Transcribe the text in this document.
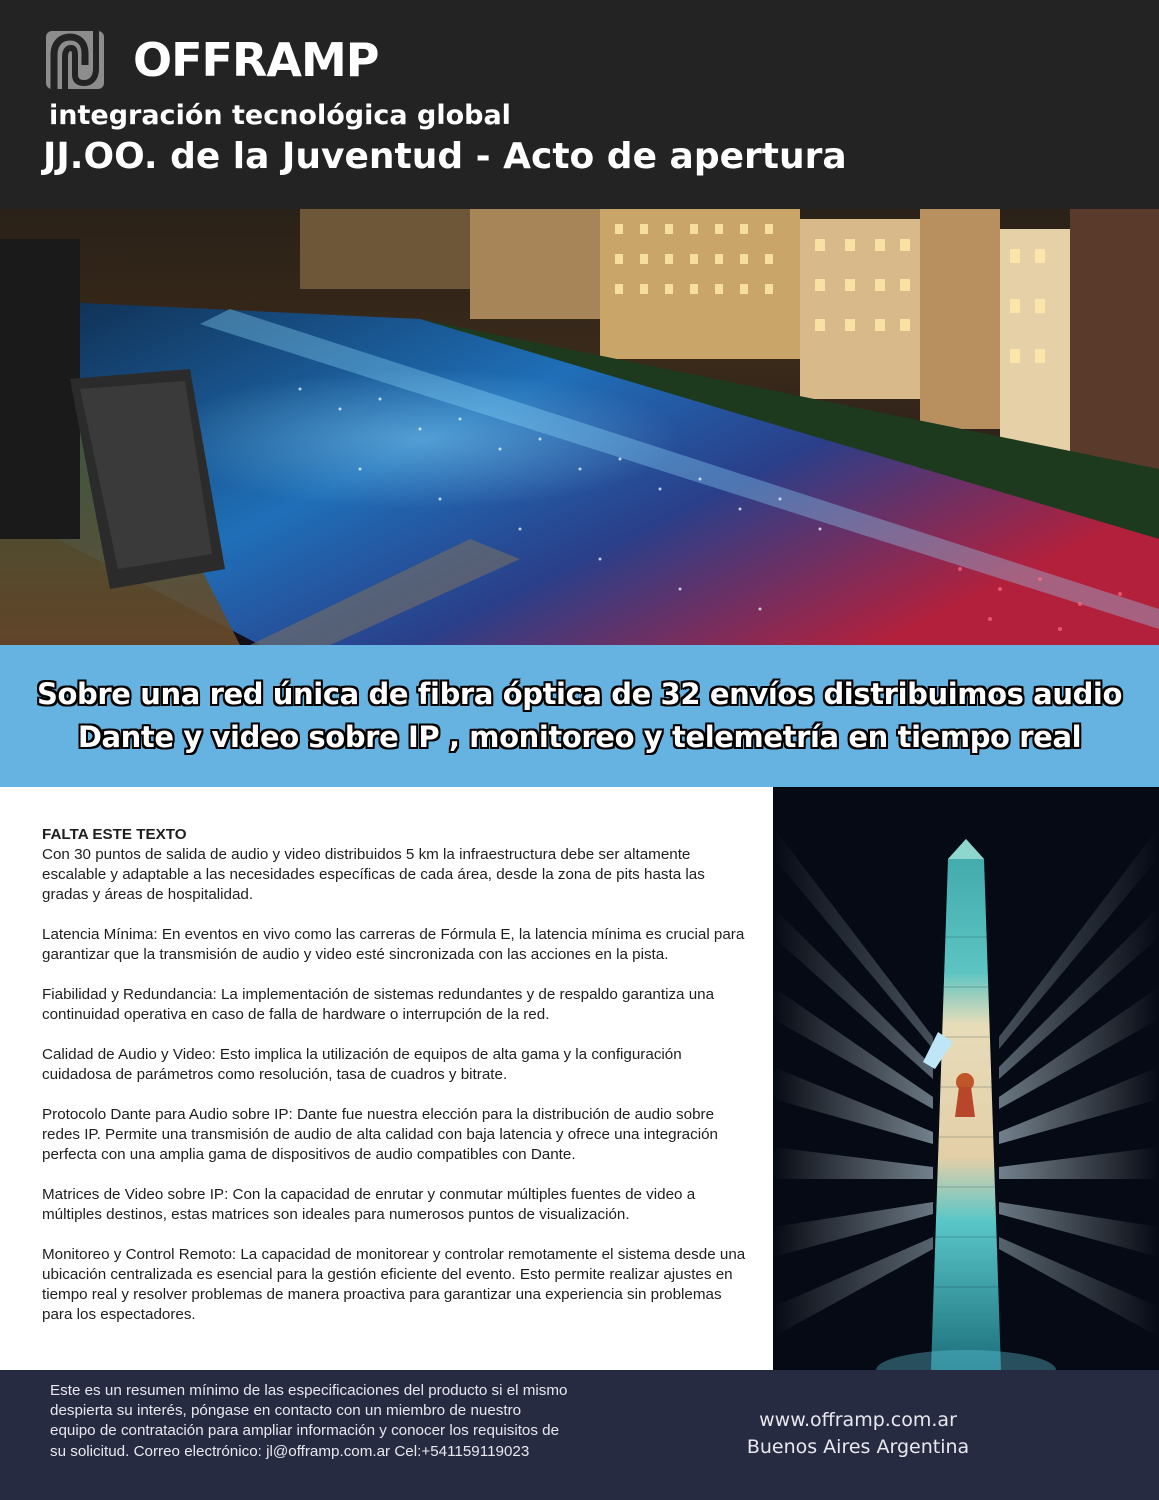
OFFRAMP
integración tecnológica global
JJ.OO. de la Juventud - Acto de apertura
Sobre una red única de fibra óptica de 32 envíos distribuimos audio
Dante y video sobre IP , monitoreo y telemetría en tiempo real

FALTA ESTE TEXTO
Con 30 puntos de salida de audio y video distribuidos 5 km la infraestructura debe ser altamente escalable y adaptable a las necesidades específicas de cada área, desde la zona de pits hasta las gradas y áreas de hospitalidad.

Latencia Mínima: En eventos en vivo como las carreras de Fórmula E, la latencia mínima es crucial para garantizar que la transmisión de audio y video esté sincronizada con las acciones en la pista.

Fiabilidad y Redundancia: La implementación de sistemas redundantes y de respaldo garantiza una continuidad operativa en caso de falla de hardware o interrupción de la red.

Calidad de Audio y Video: Esto implica la utilización de equipos de alta gama y la configuración cuidadosa de parámetros como resolución, tasa de cuadros y bitrate.

Protocolo Dante para Audio sobre IP: Dante fue nuestra elección para la distribución de audio sobre redes IP. Permite una transmisión de audio de alta calidad con baja latencia y ofrece una integración perfecta con una amplia gama de dispositivos de audio compatibles con Dante.

Matrices de Video sobre IP: Con la capacidad de enrutar y conmutar múltiples fuentes de video a múltiples destinos, estas matrices son ideales para numerosos puntos de visualización.

Monitoreo y Control Remoto: La capacidad de monitorear y controlar remotamente el sistema desde una ubicación centralizada es esencial para la gestión eficiente del evento. Esto permite realizar ajustes en tiempo real y resolver problemas de manera proactiva para garantizar una experiencia sin problemas para los espectadores.

Este es un resumen mínimo de las especificaciones del producto si el mismo despierta su interés, póngase en contacto con un miembro de nuestro equipo de contratación para ampliar información y conocer los requisitos de su solicitud. Correo electrónico: jl@offramp.com.ar Cel:+541159119023
www.offramp.com.ar
Buenos Aires Argentina
